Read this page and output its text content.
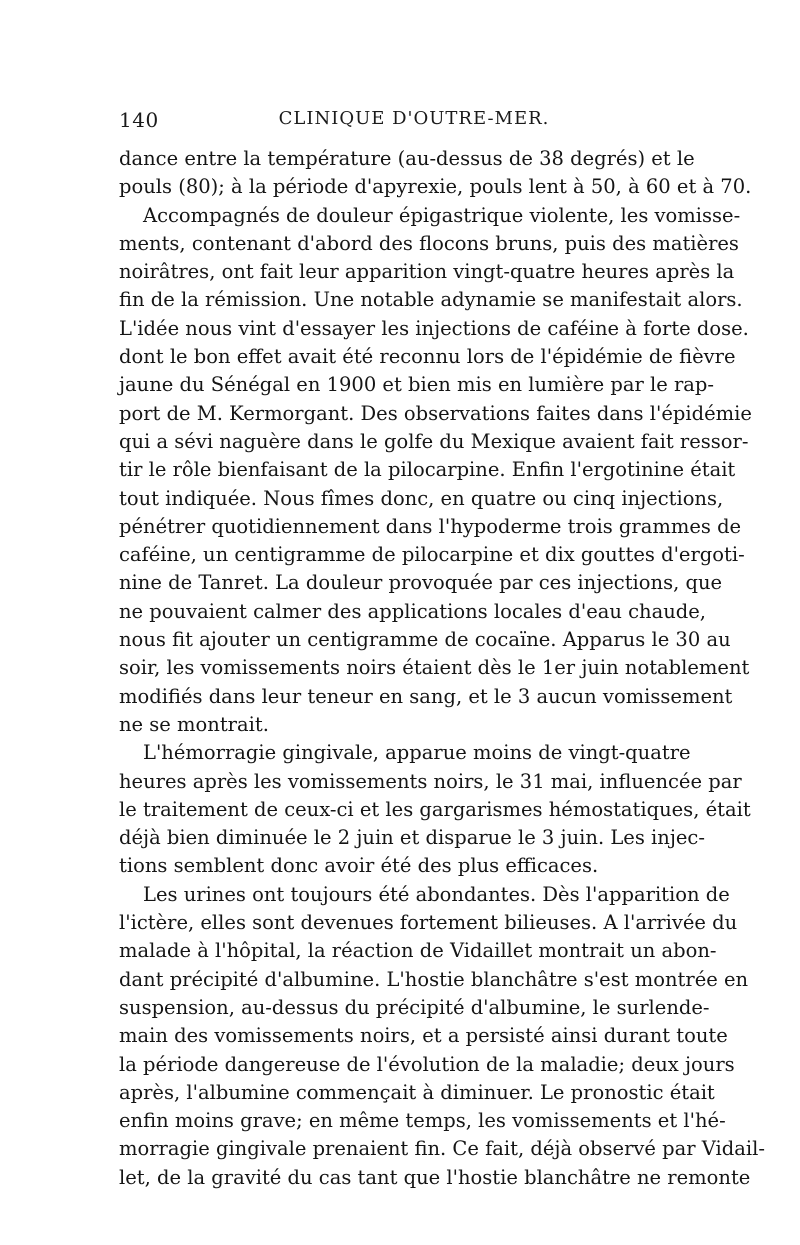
140	CLINIQUE D'OUTRE-MER.
dance entre la température (au-dessus de 38 degrés) et le
pouls (80); à la période d'apyrexie, pouls lent à 50, à 60 et à 70.
Accompagnés de douleur épigastrique violente, les vomisse-
ments, contenant d'abord des flocons bruns, puis des matières
noirâtres, ont fait leur apparition vingt-quatre heures après la
fin de la rémission. Une notable adynamie se manifestait alors.
L'idée nous vint d'essayer les injections de caféine à forte dose.
dont le bon effet avait été reconnu lors de l'épidémie de fièvre
jaune du Sénégal en 1900 et bien mis en lumière par le rap-
port de M. Kermorgant. Des observations faites dans l'épidémie
qui a sévi naguère dans le golfe du Mexique avaient fait ressor-
tir le rôle bienfaisant de la pilocarpine. Enfin l'ergotinine était
tout indiquée. Nous fîmes donc, en quatre ou cinq injections,
pénétrer quotidiennement dans l'hypoderme trois grammes de
caféine, un centigramme de pilocarpine et dix gouttes d'ergoti-
nine de Tanret. La douleur provoquée par ces injections, que
ne pouvaient calmer des applications locales d'eau chaude,
nous fit ajouter un centigramme de cocaïne. Apparus le 30 au
soir, les vomissements noirs étaient dès le 1er juin notablement
modifiés dans leur teneur en sang, et le 3 aucun vomissement
ne se montrait.
L'hémorragie gingivale, apparue moins de vingt-quatre
heures après les vomissements noirs, le 31 mai, influencée par
le traitement de ceux-ci et les gargarismes hémostatiques, était
déjà bien diminuée le 2 juin et disparue le 3 juin. Les injec-
tions semblent donc avoir été des plus efficaces.
Les urines ont toujours été abondantes. Dès l'apparition de
l'ictère, elles sont devenues fortement bilieuses. A l'arrivée du
malade à l'hôpital, la réaction de Vidaillet montrait un abon-
dant précipité d'albumine. L'hostie blanchâtre s'est montrée en
suspension, au-dessus du précipité d'albumine, le surlende-
main des vomissements noirs, et a persisté ainsi durant toute
la période dangereuse de l'évolution de la maladie; deux jours
après, l'albumine commençait à diminuer. Le pronostic était
enfin moins grave; en même temps, les vomissements et l'hé-
morragie gingivale prenaient fin. Ce fait, déjà observé par Vidail-
let, de la gravité du cas tant que l'hostie blanchâtre ne remonte
